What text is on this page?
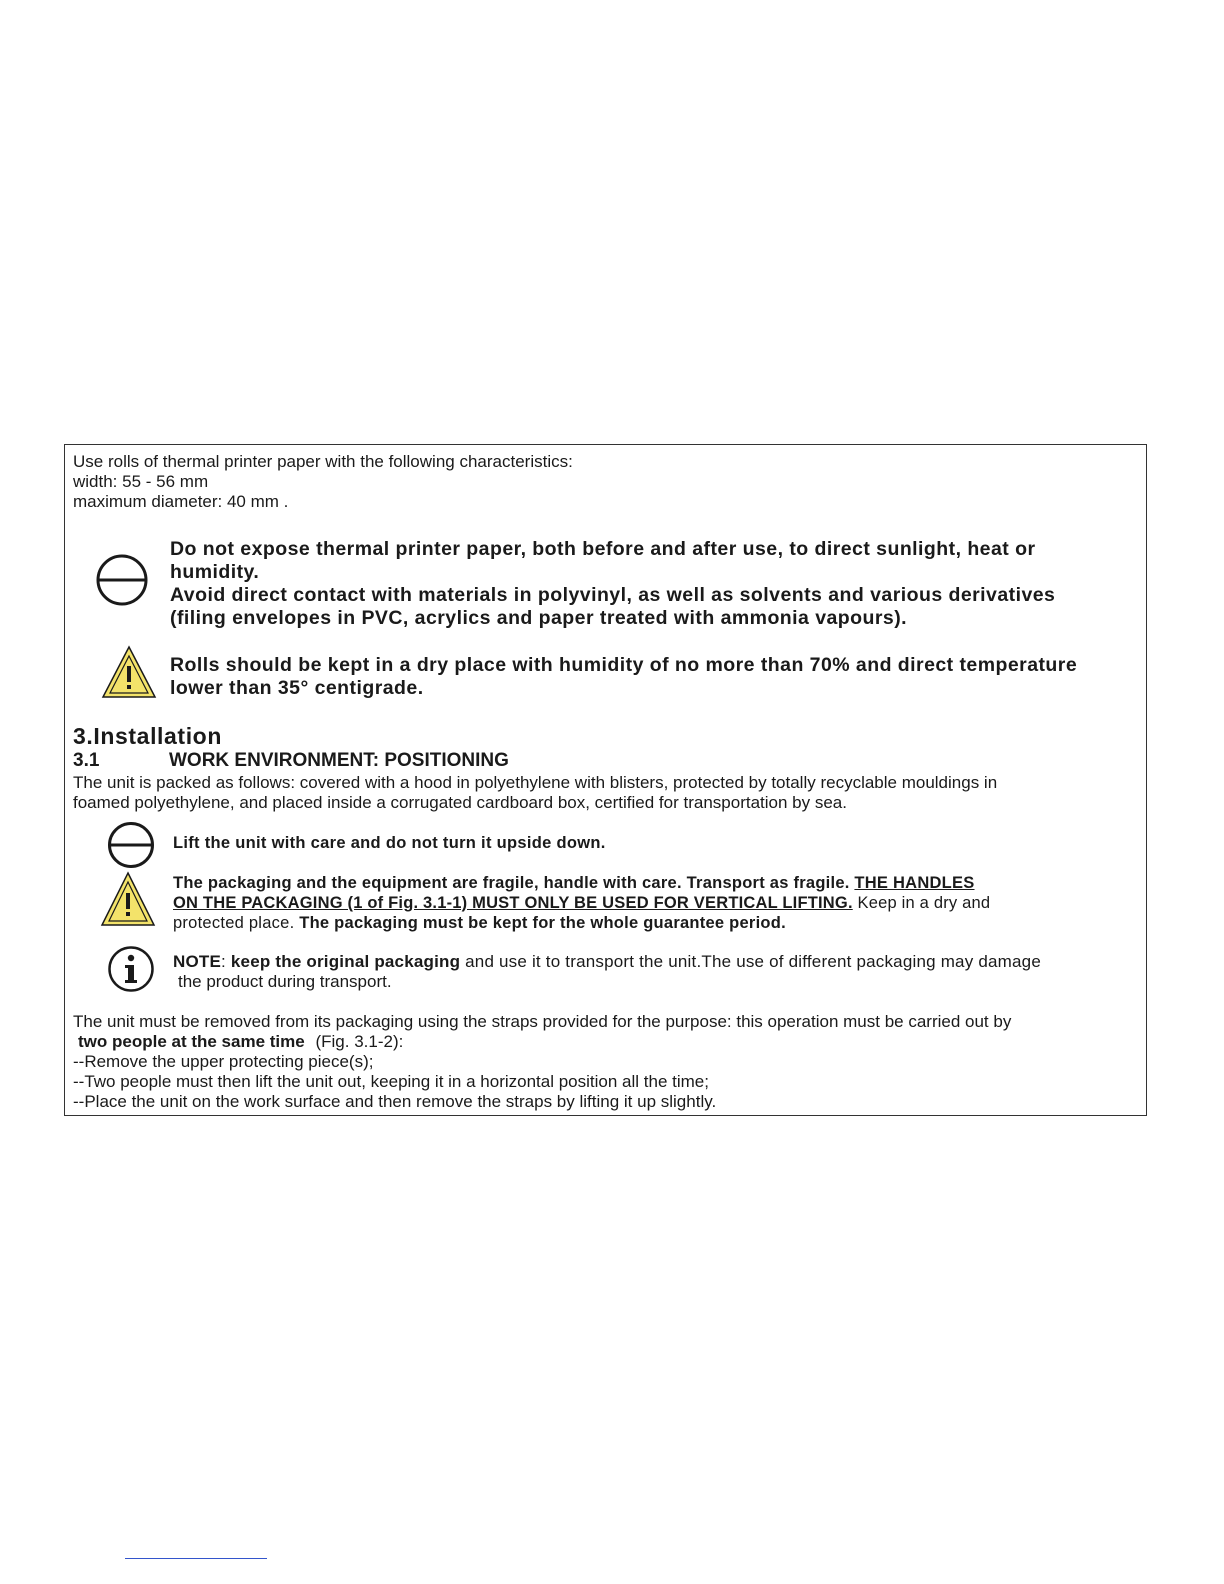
Use rolls of thermal printer paper with the following characteristics:
width: 55 - 56 mm
maximum diameter: 40 mm .
Do not expose thermal printer paper, both before and after use, to direct sunlight, heat or
humidity.
Avoid direct contact with materials in polyvinyl, as well as solvents and various derivatives
(filing envelopes in PVC, acrylics and paper treated with ammonia vapours).
Rolls should be kept in a dry place with humidity of no more than 70% and direct temperature
lower than 35° centigrade.
3.Installation
3.1	WORK ENVIRONMENT: POSITIONING
The unit is packed as follows: covered with a hood in polyethylene with blisters, protected by totally recyclable mouldings in
foamed polyethylene, and placed inside a corrugated cardboard box, certified for transportation by sea.
Lift the unit with care and do not turn it upside down.
The packaging and the equipment are fragile, handle with care. Transport as fragile. THE HANDLES
ON THE PACKAGING (1 of Fig. 3.1-1) MUST ONLY BE USED FOR VERTICAL LIFTING. Keep in a dry and
protected place. The packaging must be kept for the whole guarantee period.
NOTE: keep the original packaging and use it to transport the unit.The use of different packaging may damage
the product during transport.
The unit must be removed from its packaging using the straps provided for the purpose: this operation must be carried out by
two people at the same time (Fig. 3.1-2):
--Remove the upper protecting piece(s);
--Two people must then lift the unit out, keeping it in a horizontal position all the time;
--Place the unit on the work surface and then remove the straps by lifting it up slightly.
